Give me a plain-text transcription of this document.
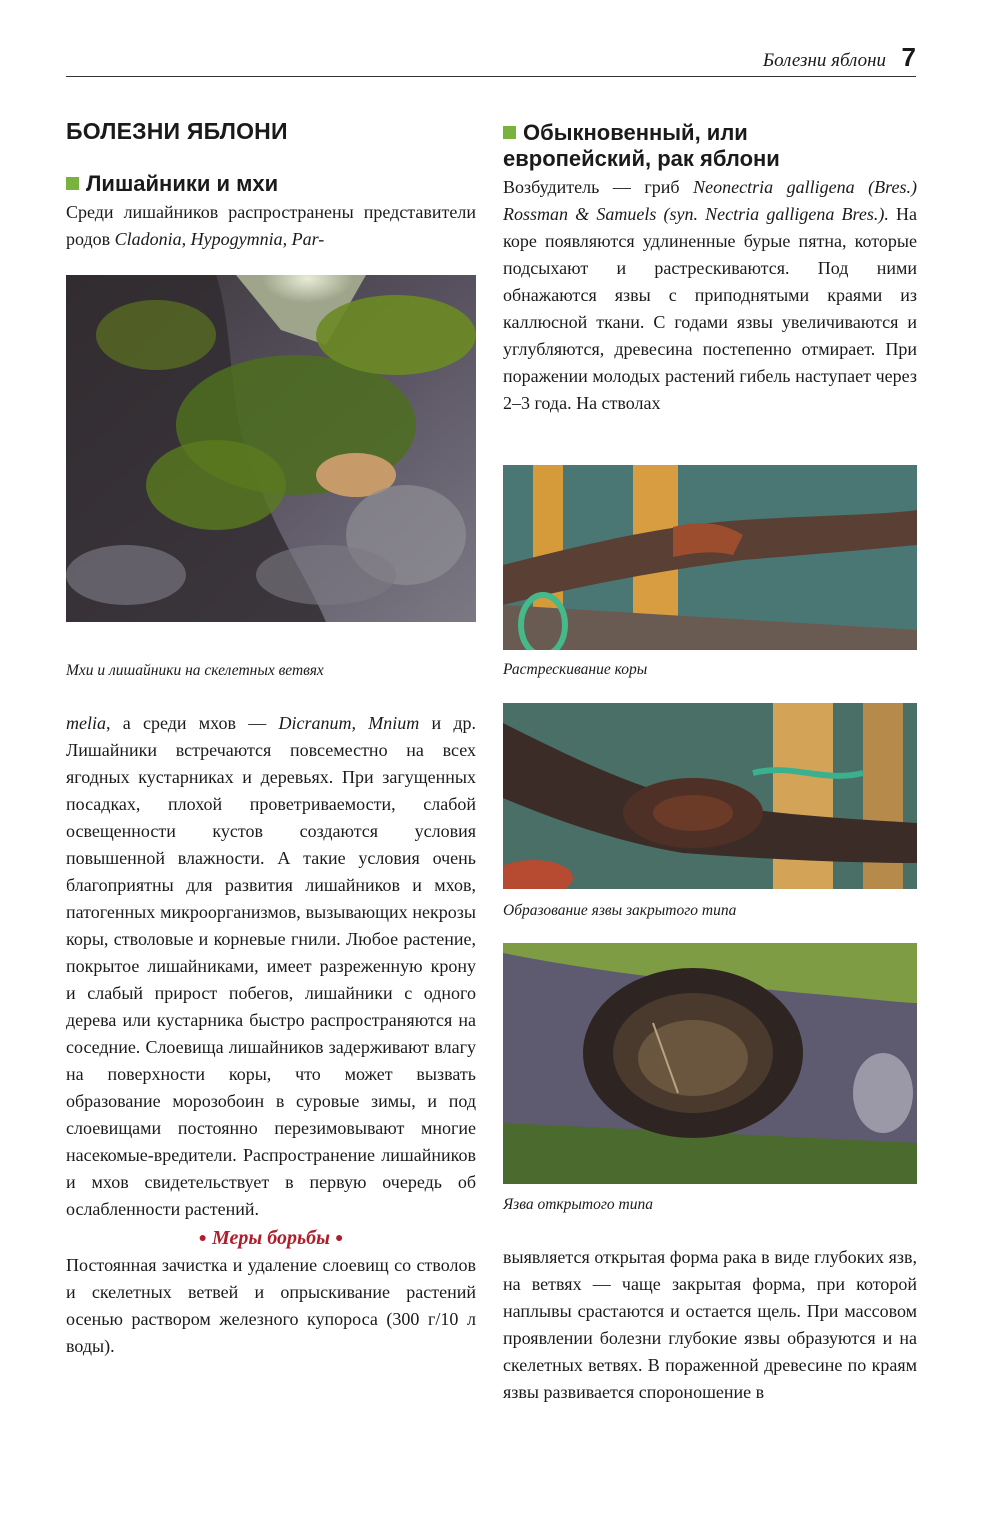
Болезни яблони 7
БОЛЕЗНИ ЯБЛОНИ
Лишайники и мхи

Среди лишайников распространены представители родов Cladonia, Hypogymnia, Par-

Мхи и лишайники на скелетных ветвях

melia, а среди мхов — Dicranum, Mnium и др. Лишайники встречаются повсеместно на всех ягодных кустарниках и деревьях. При загущенных посадках, плохой проветриваемости, слабой освещенности кустов создаются условия повышенной влажности. А такие условия очень благоприятны для развития лишайников и мхов, патогенных микроорганизмов, вызывающих некрозы коры, стволовые и корневые гнили. Любое растение, покрытое лишайниками, имеет разреженную крону и слабый прирост побегов, лишайники с одного дерева или кустарника быстро распространяются на соседние. Слоевища лишайников задерживают влагу на поверхности коры, что может вызвать образование морозобоин в суровые зимы, и под слоевищами постоянно перезимовывают многие насекомые-вредители. Распространение лишайников и мхов свидетельствует в первую очередь об ослабленности растений.

● Меры борьбы ●

Постоянная зачистка и удаление слоевищ со стволов и скелетных ветвей и опрыскивание растений осенью раствором железного купороса (300 г/10 л воды).

Обыкновенный, или
европейский, рак яблони

Возбудитель — гриб Neonectria galligena (Bres.) Rossman & Samuels (syn. Nectria galligena Bres.). На коре появляются удлиненные бурые пятна, которые подсыхают и растрескиваются. Под ними обнажаются язвы с приподнятыми краями из каллюсной ткани. С годами язвы увеличиваются и углубляются, древесина постепенно отмирает. При поражении молодых растений гибель наступает через 2–3 года. На стволах

Растрескивание коры
Образование язвы закрытого типа
Язва открытого типа

выявляется открытая форма рака в виде глубоких язв, на ветвях — чаще закрытая форма, при которой наплывы срастаются и остается щель. При массовом проявлении болезни глубокие язвы образуются и на скелетных ветвях. В пораженной древесине по краям язвы развивается спороношение в
